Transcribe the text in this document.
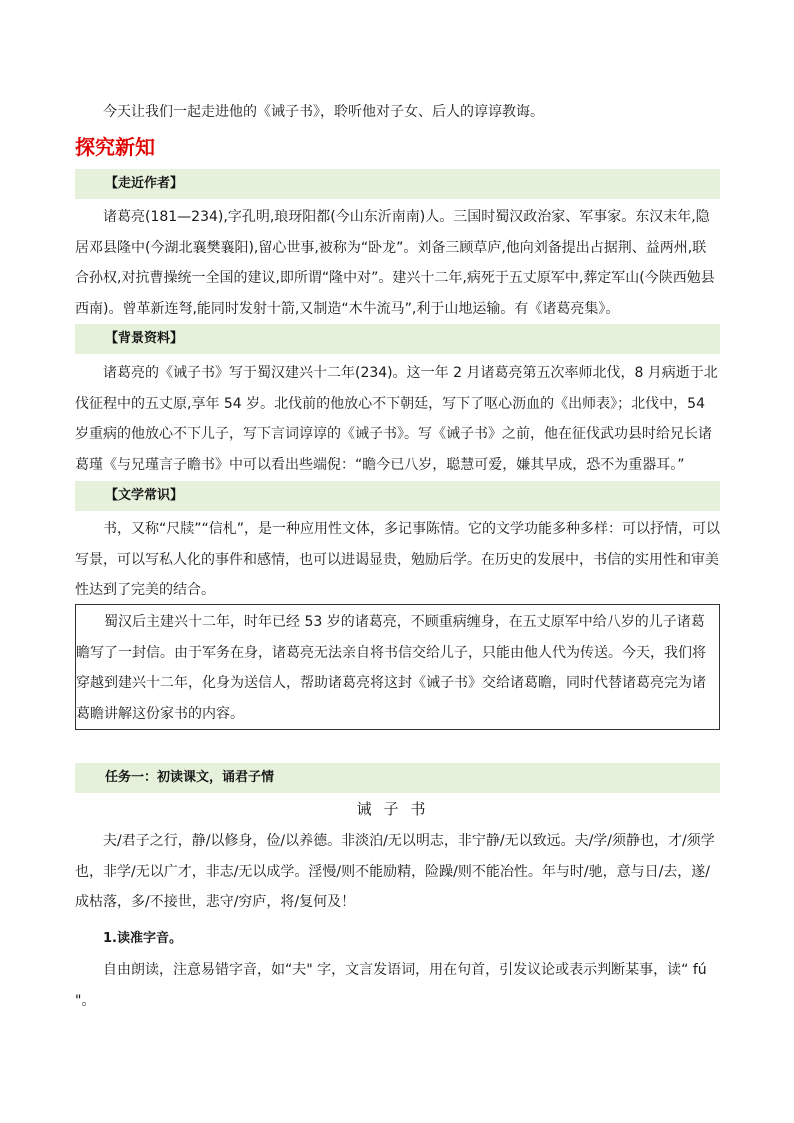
今天让我们一起走进他的《诫子书》，聆听他对子女、后人的谆谆教诲。

探究新知
【走近作者】

诸葛亮(181—234),字孔明,琅玡阳都(今山东沂南南)人。三国时蜀汉政治家、军事家。东汉末年,隐居邓县隆中(今湖北襄樊襄阳),留心世事,被称为“卧龙”。刘备三顾草庐,他向刘备提出占据荆、益两州,联合孙权,对抗曹操统一全国的建议,即所谓“隆中对”。建兴十二年,病死于五丈原军中,葬定军山(今陕西勉县西南)。曾革新连弩,能同时发射十箭,又制造“木牛流马”,利于山地运输。有《诸葛亮集》。

【背景资料】

诸葛亮的《诫子书》写于蜀汉建兴十二年(234)。这一年 2 月诸葛亮第五次率师北伐，8 月病逝于北伐征程中的五丈原,享年 54 岁。北伐前的他放心不下朝廷，写下了呕心沥血的《出师表》；北伐中，54 岁重病的他放心不下儿子，写下言词谆谆的《诫子书》。写《诫子书》之前，他在征伐武功县时给兄长诸葛瑾《与兄瑾言子瞻书》中可以看出些端倪：“瞻今已八岁，聪慧可爱，嫌其早成，恐不为重器耳。”

【文学常识】

书，又称“尺牍”“信札”，是一种应用性文体，多记事陈情。它的文学功能多种多样：可以抒情，可以写景，可以写私人化的事件和感情，也可以进谒显贵，勉励后学。在历史的发展中，书信的实用性和审美性达到了完美的结合。

蜀汉后主建兴十二年，时年已经 53 岁的诸葛亮，不顾重病缠身，在五丈原军中给八岁的儿子诸葛瞻写了一封信。由于军务在身，诸葛亮无法亲自将书信交给儿子，只能由他人代为传送。今天，我们将穿越到建兴十二年，化身为送信人，帮助诸葛亮将这封《诫子书》交给诸葛瞻，同时代替诸葛亮完为诸葛瞻讲解这份家书的内容。

任务一：初读课文，诵君子情
诫子书

夫/君子之行，静/以修身，俭/以养德。非淡泊/无以明志，非宁静/无以致远。夫/学/须静也，才/须学也，非学/无以广才，非志/无以成学。淫慢/则不能励精，险躁/则不能冶性。年与时/驰，意与日/去，遂/成枯落，多/不接世，悲守/穷庐，将/复何及！

1.读准字音。

自由朗读，注意易错字音，如“夫" 字，文言发语词，用在句首，引发议论或表示判断某事，读“ fú "。
